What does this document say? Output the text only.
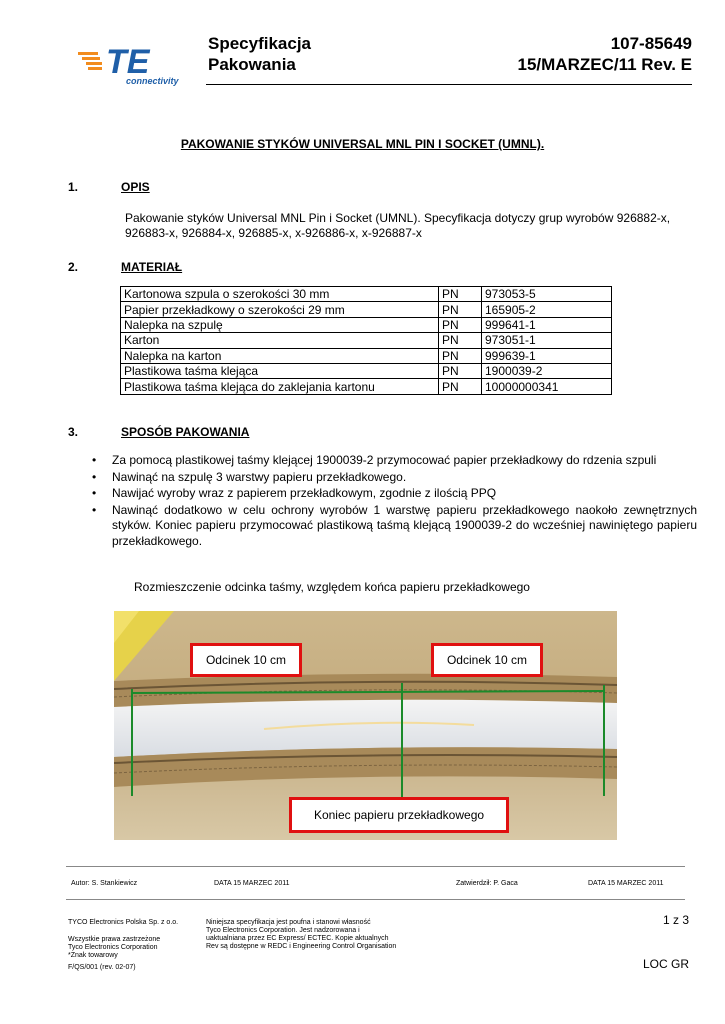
TE
connectivity
Specyfikacja
Pakowania
107-85649
15/MARZEC/11 Rev. E
PAKOWANIE STYKÓW UNIVERSAL MNL PIN I SOCKET (UMNL).
1.	OPIS
Pakowanie styków Universal MNL Pin i Socket (UMNL). Specyfikacja dotyczy grup wyrobów 926882-x, 926883-x, 926884-x, 926885-x, x-926886-x, x-926887-x
2.	MATERIAŁ
Kartonowa szpula o szerokości 30 mm	PN	973053-5
Papier przekładkowy o szerokości 29 mm	PN	165905-2
Nalepka na szpulę	PN	999641-1
Karton	PN	973051-1
Nalepka na karton	PN	999639-1
Plastikowa taśma klejąca	PN	1900039-2
Plastikowa taśma klejąca do zaklejania kartonu	PN	10000000341
3.	SPOSÓB PAKOWANIA
• Za pomocą plastikowej taśmy klejącej 1900039-2 przymocować papier przekładkowy do rdzenia szpuli
• Nawinąć na szpulę 3 warstwy papieru przekładkowego.
• Nawijać wyroby wraz z papierem przekładkowym, zgodnie z ilością PPQ
• Nawinąć dodatkowo w celu ochrony wyrobów 1 warstwę papieru przekładkowego naokoło zewnętrznych styków. Koniec papieru przymocować plastikową taśmą klejącą 1900039-2 do wcześniej nawiniętego papieru przekładkowego.
Rozmieszczenie odcinka taśmy, względem końca papieru przekładkowego
Odcinek 10 cm	Odcinek 10 cm
Koniec papieru przekładkowego
Autor: S. Stankiewicz	DATA 15 MARZEC 2011	Zatwierdził: P. Gaca	DATA 15 MARZEC 2011
TYCO Electronics Polska Sp. z o.o.
Wszystkie prawa zastrzeżone
Tyco Electronics Corporation
*Znak towarowy
F/QS/001 (rev. 02-07)
Niniejsza specyfikacja jest poufna i stanowi własność
Tyco Electronics Corporation. Jest nadzorowana i
uaktualniana przez EC Express/ ECTEC. Kopie aktualnych
Rev są dostępne w REDC i Engineering Control Organisation
1 z 3
LOC GR
